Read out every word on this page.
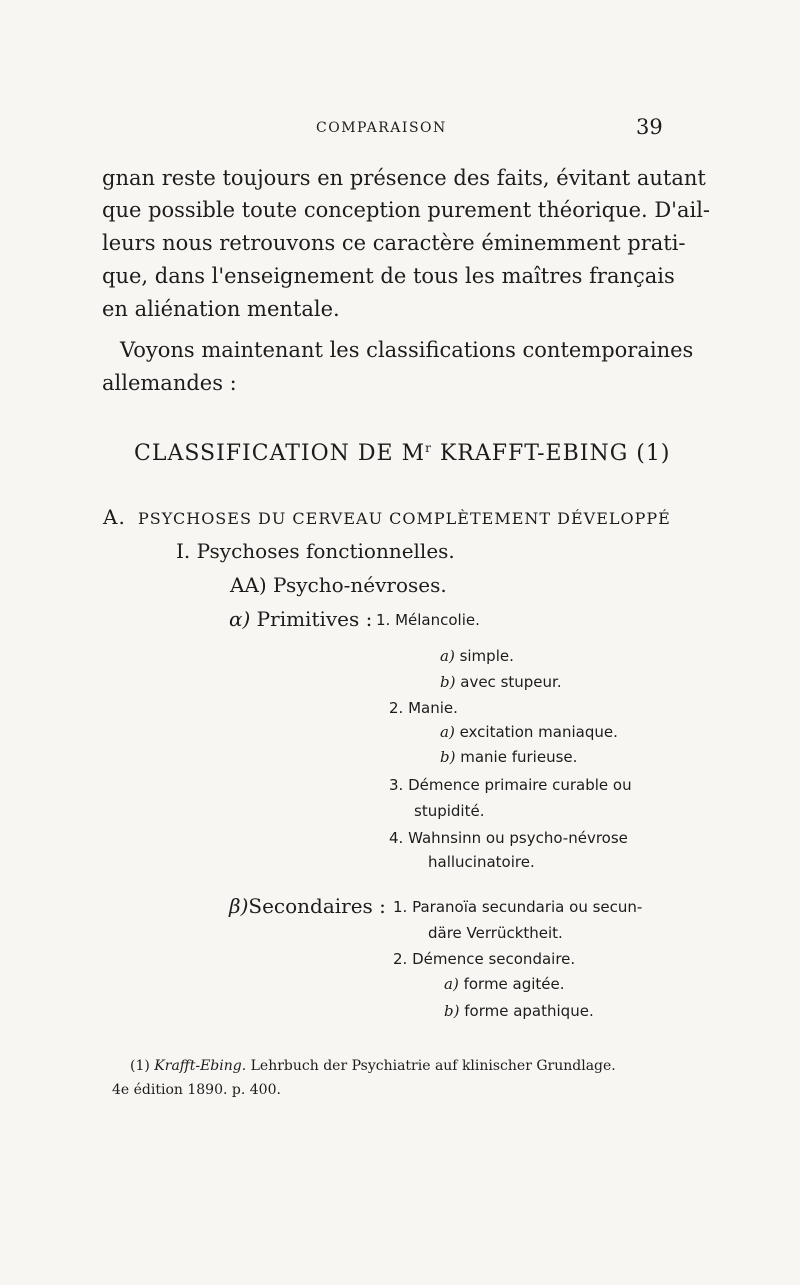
COMPARAISON	39
gnan reste toujours en présence des faits, évitant autant
que possible toute conception purement théorique. D'ail-
leurs nous retrouvons ce caractère éminemment prati-
que, dans l'enseignement de tous les maîtres français
en aliénation mentale.
Voyons maintenant les classifications contemporaines
allemandes :
CLASSIFICATION DE $M^r$ KRAFFT-EBING (1)
A. PSYCHOSES DU CERVEAU COMPLÈTEMENT DÉVELOPPÉ
I. Psychoses fonctionnelles.
AA) Psycho-névroses.
α) Primitives : 1. Mélancolie.
a) simple.
b) avec stupeur.
2. Manie.
a) excitation maniaque.
b) manie furieuse.
3. Démence primaire curable ou
stupidité.
4. Wahnsinn ou psycho-névrose
hallucinatoire.
β)Secondaires : 1. Paranoïa secundaria ou secun-
däre Verrücktheit.
2. Démence secondaire.
a) forme agitée.
b) forme apathique.
(1) Krafft-Ebing. Lehrbuch der Psychiatrie auf klinischer Grundlage.
4e édition 1890. p. 400.
